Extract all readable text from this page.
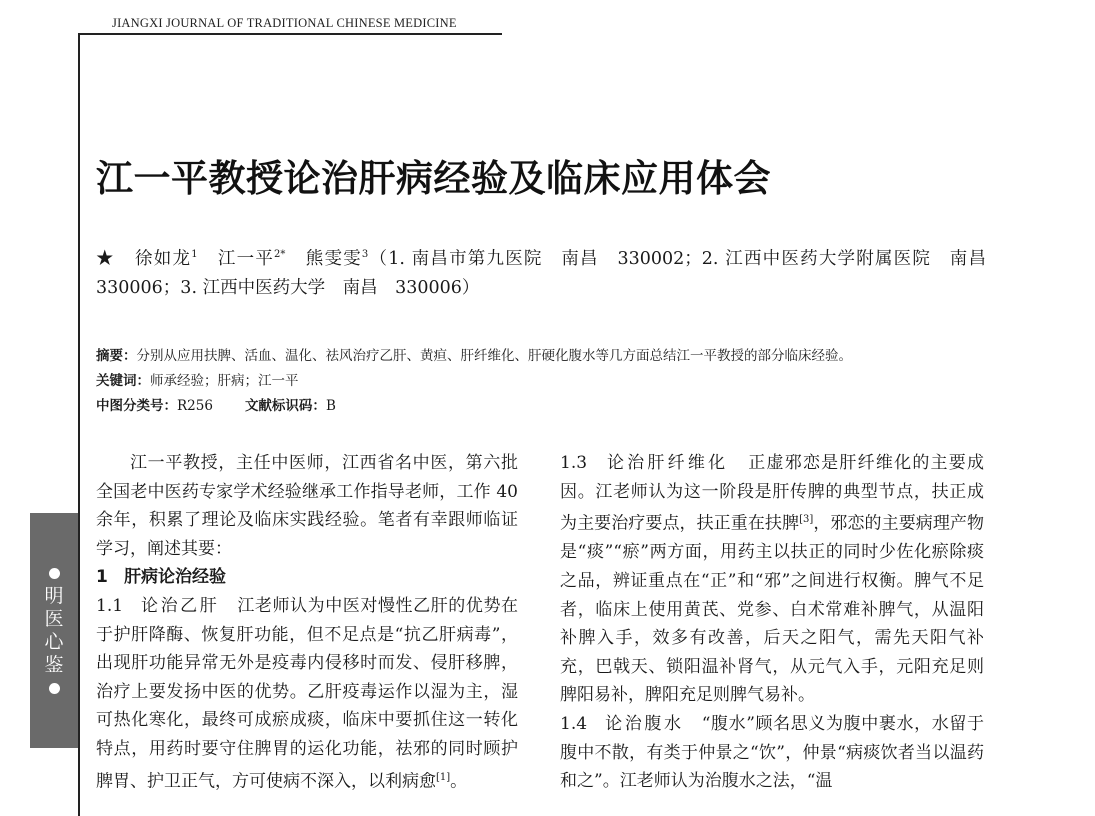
JIANGXI JOURNAL OF TRADITIONAL CHINESE MEDICINE
明医心鉴
江一平教授论治肝病经验及临床应用体会

★ 徐如龙$^1$ 江一平$^{2*}$ 熊雯雯$^3$（1. 南昌市第九医院　南昌　330002；2. 江西中医药大学附属医院　南昌　330006；3. 江西中医药大学　南昌　330006）

摘要：分别从应用扶脾、活血、温化、祛风治疗乙肝、黄疸、肝纤维化、肝硬化腹水等几方面总结江一平教授的部分临床经验。
关键词：师承经验；肝病；江一平
中图分类号：R256 文献标识码：B

江一平教授，主任中医师，江西省名中医，第六批全国老中医药专家学术经验继承工作指导老师，工作 40 余年，积累了理论及临床实践经验。笔者有幸跟师临证学习，阐述其要：

1 肝病论治经验

1.1 论治乙肝 江老师认为中医对慢性乙肝的优势在于护肝降酶、恢复肝功能，但不足点是“抗乙肝病毒”，出现肝功能异常无外是疫毒内侵移时而发、侵肝移脾，治疗上要发扬中医的优势。乙肝疫毒运作以湿为主，湿可热化寒化，最终可成瘀成痰，临床中要抓住这一转化特点，用药时要守住脾胃的运化功能，祛邪的同时顾护脾胃、护卫正气，方可使病不深入，以利病愈[1]。

1.3 论治肝纤维化 正虚邪恋是肝纤维化的主要成因。江老师认为这一阶段是肝传脾的典型节点，扶正成为主要治疗要点，扶正重在扶脾[3]，邪恋的主要病理产物是“痰”“瘀”两方面，用药主以扶正的同时少佐化瘀除痰之品，辨证重点在“正”和“邪”之间进行权衡。脾气不足者，临床上使用黄芪、党参、白术常难补脾气，从温阳补脾入手，效多有改善，后天之阳气，需先天阳气补充，巴戟天、锁阳温补肾气，从元气入手，元阳充足则脾阳易补，脾阳充足则脾气易补。

1.4 论治腹水 “腹水”顾名思义为腹中裹水，水留于腹中不散，有类于仲景之“饮”，仲景“病痰饮者当以温药和之”。江老师认为治腹水之法，“温
